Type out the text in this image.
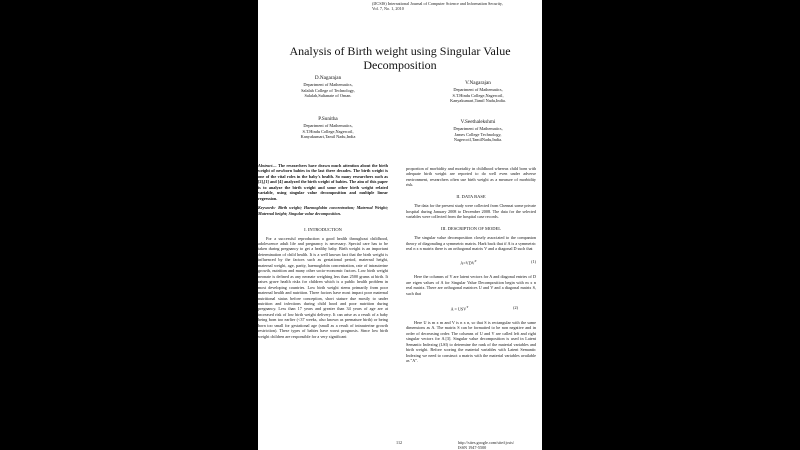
(IJCSIS) International Journal of Computer Science and Information Security,
Vol. 7, No. 1, 2010
Analysis of Birth weight using Singular Value
Decomposition
D.Nagarajan
Department of Mathematics,
Salalah College of Technology,
Salalah,Sultanate of Oman.
V.Nagarajan
Department of Mathematics,
S.T.Hindu College,Nagercoil,
Kanyakumari,Tamil Nadu,India.
P.Sunitha
Department of Mathematics,
S.T.Hindu College,Nagercoil,
Kanyakumari,Tamil Nadu,India
V.Seethalekshmi
Department of Mathematics,
James College Technology,
Nagercoil,TamilNadu,India.

Abstract— The researchers have drawn much attention about the birth weight of newborn babies in the last three decades. The birth weight is one of the vital roles in the baby's health. So many researchers such as [2],[1] and [4] analyzed the birth weight of babies. The aim of this paper is to analyze the birth weight and some other birth weight related variable, using singular value decomposition and multiple linear regression.

Keywords- Birth weight; Haemoglobin concentration; Maternal Weight; Maternal height; Singular value decomposition.

I. INTRODUCTION

For a successful reproduction a good health throughout childhood, adolescence adult life and pregnancy is necessary. Special care has to be taken during pregnancy to get a healthy baby. Birth weight is an important determination of child health. It is a well known fact that the birth weight is influenced by the factors such as gestational period, maternal height, maternal weight, age, parity, haemoglobin concentration, rate of intrauterine growth, nutrition and many other socio-economic factors. Low birth weight neonate is defined as any neonate weighing less than 2500 grams at birth. It raises grave health risks for children which is a public health problem in most developing countries. Low birth weight stems primarily from poor maternal health and nutrition. Three factors have most impact poor maternal nutritional status before conception, short stature due mostly to under nutrition and infections during child hood and poor nutrition during pregnancy. Less than 17 years and greater than 34 years of age are at increased risk of low birth weight delivery. It can arise as a result of a baby being born too earlier (<37 weeks, also known as premature birth) or being born too small for gestational age (small as a result of intrauterine growth restriction). These types of babies have worst prognosis. Since low birth weight children are responsible for a very significant

proportion of morbidity and mortality in childhood whereas child born with adequate birth weight are reported to do well even under adverse environment, researchers often use birth weight as a measure of morbidity risk.

II. DATA BASE

The data for the present study were collected from Chennai some private hospital during January 2008 to December 2008. The data for the selected variables were collected from the hospital case records.

III. DESCRIPTION OF MODEL

The singular value decomposition closely associated to the companion theory of diagonaling a symmetric matrix. Hark back that if A is a symmetric real n x n matrix there is an orthogonal matrix V and a diagonal D such that

$A=VDV^T$	(1)

Here the columns of V are latent vectors for A and diagonal entries of D are eigen values of A for Singular Value Decomposition begin with m x n real matrix. There are orthogonal matrices U and V and a diagonal matrix S, such that

$A = USV^T$	(2)

Here U is m x m and V is n x n, so that S is rectangular with the same dimensions as A. The matrix S can be formatted to be non negative and in order of decreasing order. The columns of U and V are called left and right singular vectors for A.[3]. Singular value decomposition is used in Latent Semantic Indexing (LSI) to determine the rank of the material variables and birth weight. Before scoring the material variables with Latent Semantic Indexing we need to construct a matrix with the material variables available as "A".

112	http://sites.google.com/site/ijcsis/
ISSN 1947-5500
